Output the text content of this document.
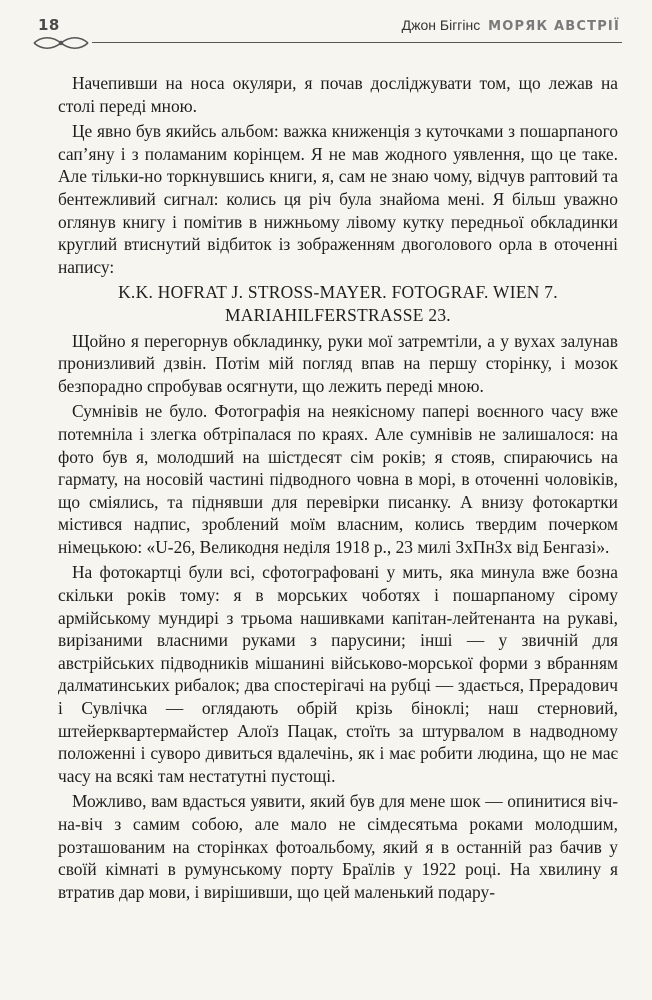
18	Джон Біггінс МОРЯК АВСТРІЇ

Начепивши на носа окуляри, я почав досліджувати том, що лежав на столі переді мною.

Це явно був якийсь альбом: важка книженція з куточками з пошарпаного сап’яну і з поламаним корінцем. Я не мав жодного уявлення, що це таке. Але тільки-но торкнувшись книги, я, сам не знаю чому, відчув раптовий та бентежливий сигнал: колись ця річ була знайома мені. Я більш уважно оглянув книгу і помітив в нижньому лівому кутку передньої обкладинки круглий втиснутий відбиток із зображенням двоголового орла в оточенні напису:

K.K. HOFRAT J. STROSS-MAYER. FOTOGRAF. WIEN 7.

MARIAHILFERSTRASSE 23.

Щойно я перегорнув обкладинку, руки мої затремтіли, а у вухах залунав пронизливий дзвін. Потім мій погляд впав на першу сторінку, і мозок безпорадно спробував осягнути, що лежить переді мною.

Сумнівів не було. Фотографія на неякісному папері воєнного часу вже потемніла і злегка обтріпалася по краях. Але сумнівів не залишалося: на фото був я, молодший на шістдесят сім років; я стояв, спираючись на гармату, на носовій частині підводного човна в морі, в оточенні чоловіків, що сміялись, та піднявши для перевірки писанку. А внизу фотокартки містився надпис, зроблений моїм власним, колись твердим почерком німецькою: «U-26, Великодня неділя 1918 р., 23 милі ЗхПнЗх від Бенгазі».

На фотокартці були всі, сфотографовані у мить, яка минула вже бозна скільки років тому: я в морських чоботях і пошарпаному сірому армійському мундирі з трьома нашивками капітан-лейтенанта на рукаві, вирізаними власними руками з парусини; інші — у звичній для австрійських підводників мішанині військово-морської форми з вбранням далматинських рибалок; два спостерігачі на рубці — здається, Прерадович і Сувлічка — оглядають обрій крізь біноклі; наш стерновий, штейерквартермайстер Алоїз Пацак, стоїть за штурвалом в надводному положенні і суворо дивиться вдалечінь, як і має робити людина, що не має часу на всякі там нестатутні пустощі.

Можливо, вам вдасться уявити, який був для мене шок — опинитися віч-на-віч з самим собою, але мало не сімдесятьма роками молодшим, розташованим на сторінках фотоальбому, який я в останній раз бачив у своїй кімнаті в румунському порту Браїлів у 1922 році. На хвилину я втратив дар мови, і вирішивши, що цей маленький подару-
